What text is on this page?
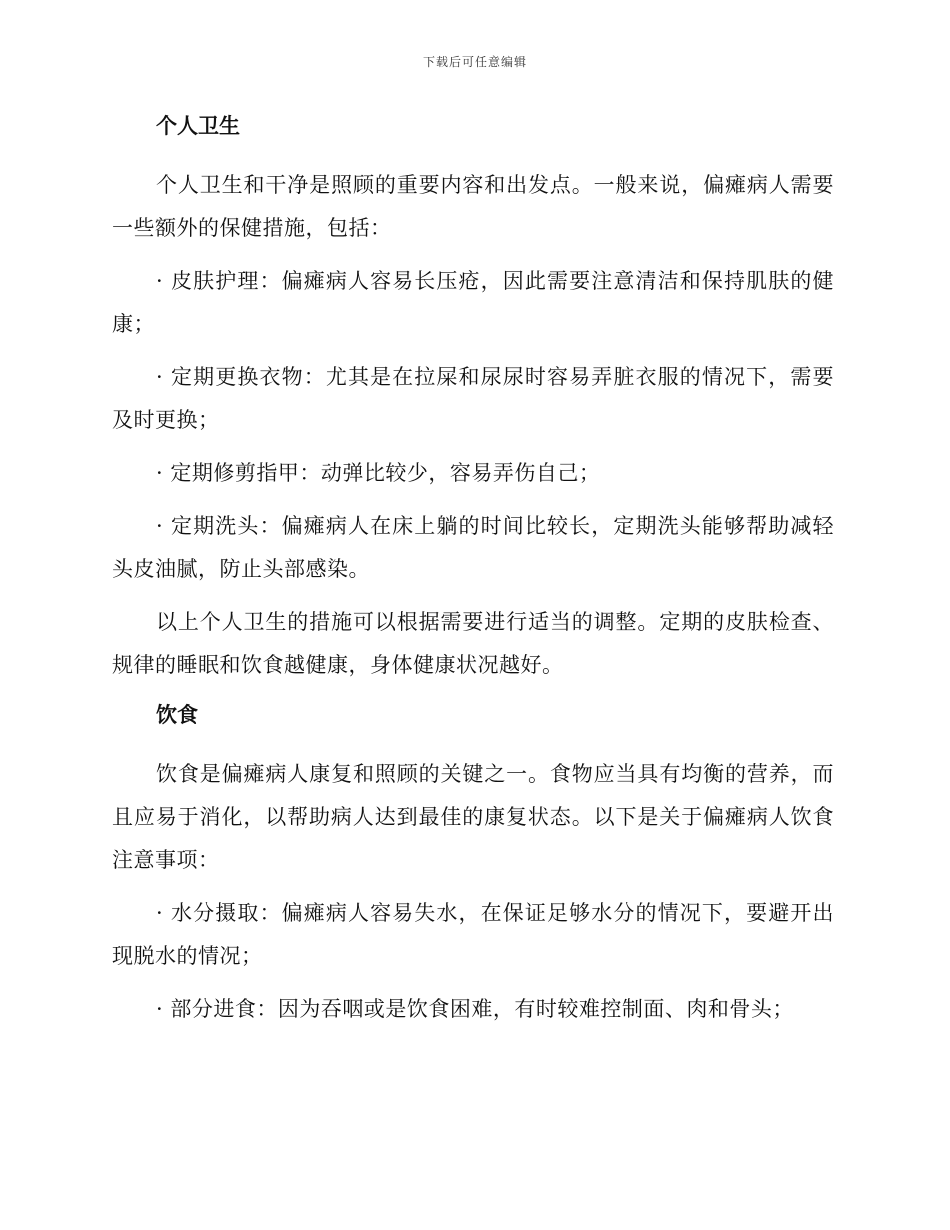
下载后可任意编辑
个人卫生

个人卫生和干净是照顾的重要内容和出发点。一般来说，偏瘫病人需要一些额外的保健措施，包括：

· 皮肤护理：偏瘫病人容易长压疮，因此需要注意清洁和保持肌肤的健康；

· 定期更换衣物：尤其是在拉屎和尿尿时容易弄脏衣服的情况下，需要及时更换；

· 定期修剪指甲：动弹比较少，容易弄伤自己；

· 定期洗头：偏瘫病人在床上躺的时间比较长，定期洗头能够帮助减轻头皮油腻，防止头部感染。

以上个人卫生的措施可以根据需要进行适当的调整。定期的皮肤检查、规律的睡眠和饮食越健康，身体健康状况越好。

饮食

饮食是偏瘫病人康复和照顾的关键之一。食物应当具有均衡的营养，而且应易于消化，以帮助病人达到最佳的康复状态。以下是关于偏瘫病人饮食注意事项：

· 水分摄取：偏瘫病人容易失水，在保证足够水分的情况下，要避开出现脱水的情况；

· 部分进食：因为吞咽或是饮食困难，有时较难控制面、肉和骨头；
